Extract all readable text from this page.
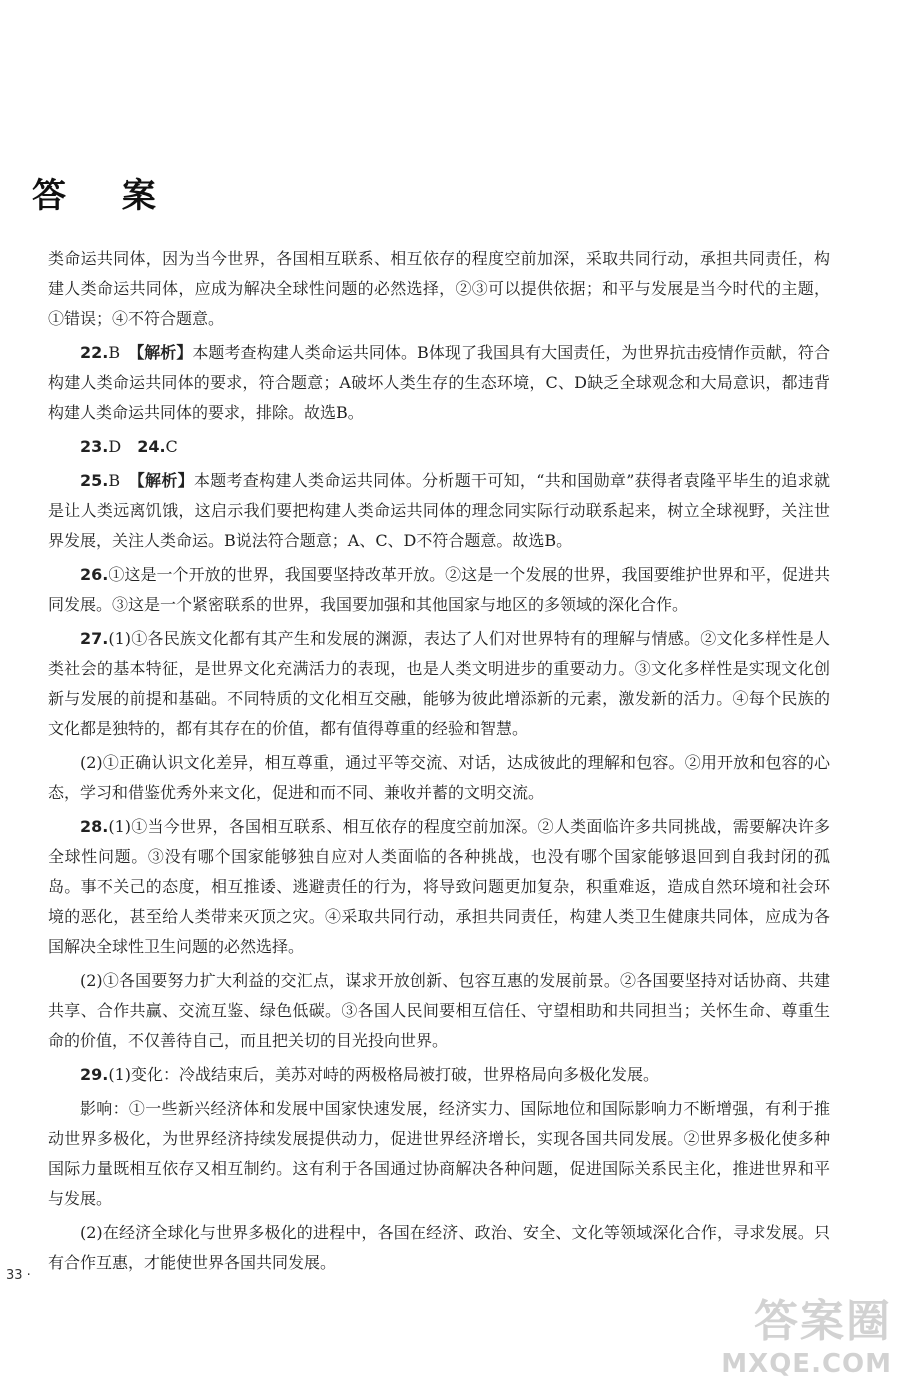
答 案

类命运共同体，因为当今世界，各国相互联系、相互依存的程度空前加深，采取共同行动，承担共同责任，构建人类命运共同体，应成为解决全球性问题的必然选择，②③可以提供依据；和平与发展是当今时代的主题，①错误；④不符合题意。

22.B　 【解析】本题考查构建人类命运共同体。B体现了我国具有大国责任，为世界抗击疫情作贡献，符合构建人类命运共同体的要求，符合题意；A破坏人类生存的生态环境，C、D缺乏全球观念和大局意识，都违背构建人类命运共同体的要求，排除。故选B。

23.D　 24.C

25.B　 【解析】本题考查构建人类命运共同体。分析题干可知，“共和国勋章”获得者袁隆平毕生的追求就是让人类远离饥饿，这启示我们要把构建人类命运共同体的理念同实际行动联系起来，树立全球视野，关注世界发展，关注人类命运。B说法符合题意；A、C、D不符合题意。故选B。

26.①这是一个开放的世界，我国要坚持改革开放。②这是一个发展的世界，我国要维护世界和平，促进共同发展。③这是一个紧密联系的世界，我国要加强和其他国家与地区的多领域的深化合作。

27.(1)①各民族文化都有其产生和发展的渊源，表达了人们对世界特有的理解与情感。②文化多样性是人类社会的基本特征，是世界文化充满活力的表现，也是人类文明进步的重要动力。③文化多样性是实现文化创新与发展的前提和基础。不同特质的文化相互交融，能够为彼此增添新的元素，激发新的活力。④每个民族的文化都是独特的，都有其存在的价值，都有值得尊重的经验和智慧。

(2)①正确认识文化差异，相互尊重，通过平等交流、对话，达成彼此的理解和包容。②用开放和包容的心态，学习和借鉴优秀外来文化，促进和而不同、兼收并蓄的文明交流。

28.(1)①当今世界，各国相互联系、相互依存的程度空前加深。②人类面临许多共同挑战，需要解决许多全球性问题。③没有哪个国家能够独自应对人类面临的各种挑战，也没有哪个国家能够退回到自我封闭的孤岛。事不关己的态度，相互推诿、逃避责任的行为，将导致问题更加复杂，积重难返，造成自然环境和社会环境的恶化，甚至给人类带来灭顶之灾。④采取共同行动，承担共同责任，构建人类卫生健康共同体，应成为各国解决全球性卫生问题的必然选择。

(2)①各国要努力扩大利益的交汇点，谋求开放创新、包容互惠的发展前景。②各国要坚持对话协商、共建共享、合作共赢、交流互鉴、绿色低碳。③各国人民间要相互信任、守望相助和共同担当；关怀生命、尊重生命的价值，不仅善待自己，而且把关切的目光投向世界。

29.(1)变化：冷战结束后，美苏对峙的两极格局被打破，世界格局向多极化发展。

影响：①一些新兴经济体和发展中国家快速发展，经济实力、国际地位和国际影响力不断增强，有利于推动世界多极化，为世界经济持续发展提供动力，促进世界经济增长，实现各国共同发展。②世界多极化使多种国际力量既相互依存又相互制约。这有利于各国通过协商解决各种问题，促进国际关系民主化，推进世界和平与发展。

(2)在经济全球化与世界多极化的进程中，各国在经济、政治、安全、文化等领域深化合作，寻求发展。只有合作互惠，才能使世界各国共同发展。

33 ·
答案圈
MXQE.COM
